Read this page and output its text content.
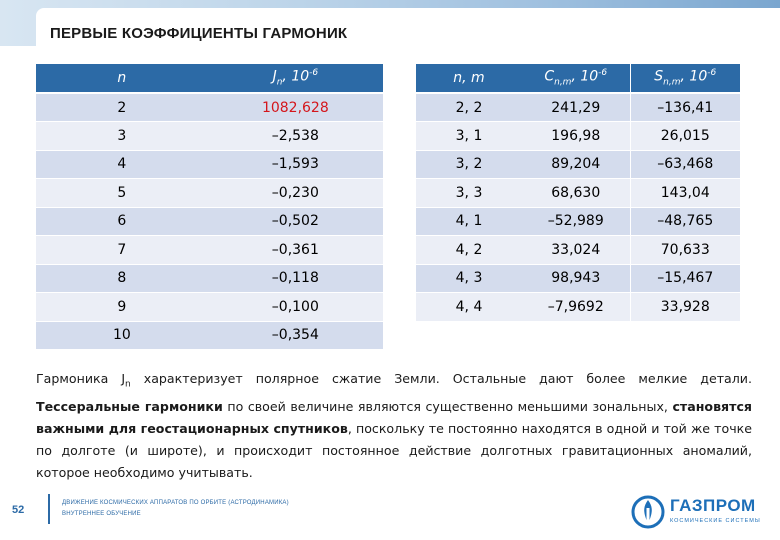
ПЕРВЫЕ КОЭФФИЦИЕНТЫ ГАРМОНИК
n	$J_n$, $10^{-6}$
2	1082,628
3	–2,538
4	–1,593
5	–0,230
6	–0,502
7	–0,361
8	–0,118
9	–0,100
10	–0,354
n, m	$C_{n,m}$, $10^{-6}$	$S_{n,m}$, $10^{-6}$
2, 2	241,29	–136,41
3, 1	196,98	26,015
3, 2	89,204	–63,468
3, 3	68,630	143,04
4, 1	–52,989	–48,765
4, 2	33,024	70,633
4, 3	98,943	–15,467
4, 4	–7,9692	33,928
Гармоника $J_n$ характеризует полярное сжатие Земли. Остальные дают более мелкие детали. Тессеральные гармоники по своей величине являются существенно меньшими зональных, становятся важными для геостационарных спутников, поскольку те постоянно находятся в одной и той же точке по долготе (и широте), и происходит постоянное действие долготных гравитационных аномалий, которое необходимо учитывать.
52
ДВИЖЕНИЕ КОСМИЧЕСКИХ АППАРАТОВ ПО ОРБИТЕ (АСТРОДИНАМИКА)
ВНУТРЕННЕЕ ОБУЧЕНИЕ	ГАЗПРОМ
КОСМИЧЕСКИЕ СИСТЕМЫ
